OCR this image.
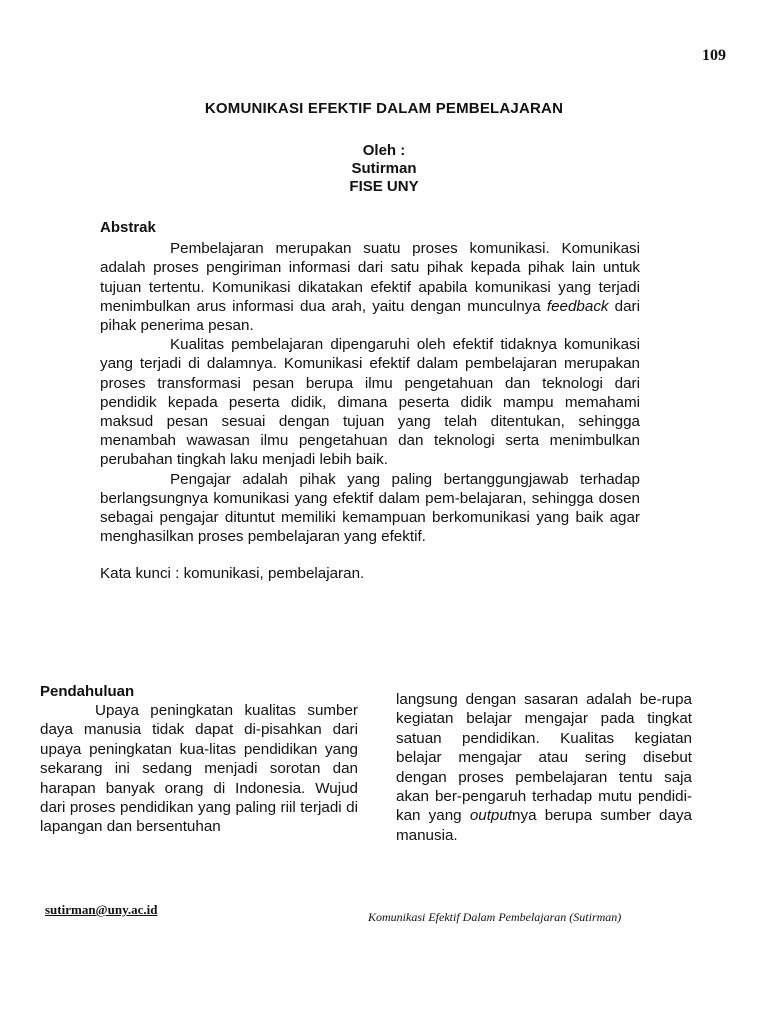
109
KOMUNIKASI EFEKTIF DALAM PEMBELAJARAN
Oleh :
Sutirman
FISE UNY
Abstrak

Pembelajaran merupakan suatu proses komunikasi. Komunikasi adalah proses pengiriman informasi dari satu pihak kepada pihak lain untuk tujuan tertentu. Komunikasi dikatakan efektif apabila komunikasi yang terjadi menimbulkan arus informasi dua arah, yaitu dengan munculnya feedback dari pihak penerima pesan.

Kualitas pembelajaran dipengaruhi oleh efektif tidaknya komunikasi yang terjadi di dalamnya. Komunikasi efektif dalam pembelajaran merupakan proses transformasi pesan berupa ilmu pengetahuan dan teknologi dari pendidik kepada peserta didik, dimana peserta didik mampu memahami maksud pesan sesuai dengan tujuan yang telah ditentukan, sehingga menambah wawasan ilmu pengetahuan dan teknologi serta menimbulkan perubahan tingkah laku menjadi lebih baik.

Pengajar adalah pihak yang paling bertanggungjawab terhadap berlangsungnya komunikasi yang efektif dalam pem-belajaran, sehingga dosen sebagai pengajar dituntut memiliki kemampuan berkomunikasi yang baik agar menghasilkan proses pembelajaran yang efektif.

Kata kunci : komunikasi, pembelajaran.

Pendahuluan

Upaya peningkatan kualitas sumber daya manusia tidak dapat di-pisahkan dari upaya peningkatan kua-litas pendidikan yang sekarang ini sedang menjadi sorotan dan harapan banyak orang di Indonesia. Wujud dari proses pendidikan yang paling riil terjadi di lapangan dan bersentuhan

langsung dengan sasaran adalah be-rupa kegiatan belajar mengajar pada tingkat satuan pendidikan. Kualitas kegiatan belajar mengajar atau sering disebut dengan proses pembelajaran tentu saja akan ber-pengaruh terhadap mutu pendidi-kan yang outputnya berupa sumber daya manusia.

sutirman@uny.ac.id	Komunikasi Efektif Dalam Pembelajaran (Sutirman)
